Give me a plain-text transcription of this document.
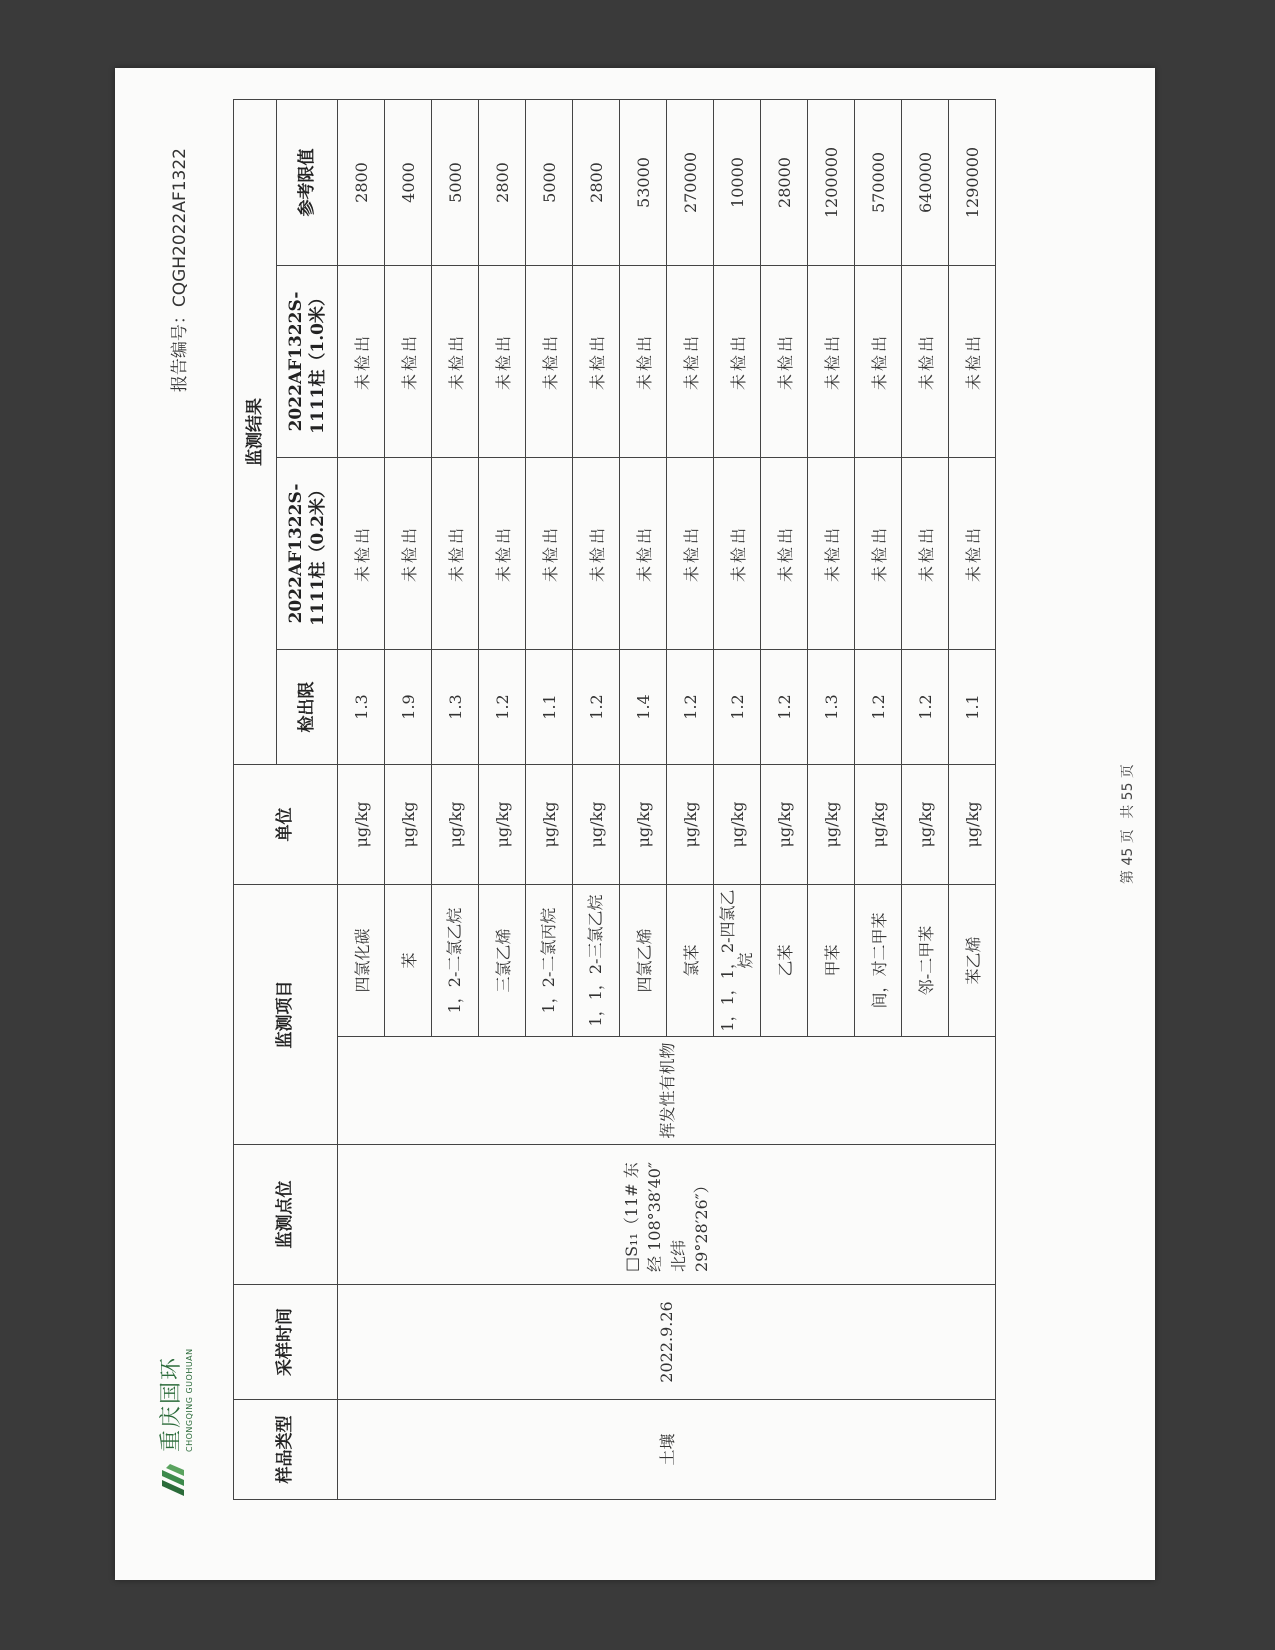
重庆国环 CHONGQING GUOHUAN
报告编号：CQGH2022AF1322
样品类型	采样时间	监测点位	监测项目		单位	监测结果			
						检出限	2022AF1322S-1111柱（0.2米）	2022AF1322S-1111柱（1.0米）	参考限值
土壤	2022.9.26	□S₁₁（11# 东经 108°38′40″ 北纬 29°28′26″）	挥发性有机物	四氯化碳	μg/kg	1.3	未检出	未检出	2800
				苯	μg/kg	1.9	未检出	未检出	4000
				1，2-二氯乙烷	μg/kg	1.3	未检出	未检出	5000
				三氯乙烯	μg/kg	1.2	未检出	未检出	2800
				1，2-二氯丙烷	μg/kg	1.1	未检出	未检出	5000
				1，1，2-三氯乙烷	μg/kg	1.2	未检出	未检出	2800
				四氯乙烯	μg/kg	1.4	未检出	未检出	53000
				氯苯	μg/kg	1.2	未检出	未检出	270000
				1，1，1，2-四氯乙烷	μg/kg	1.2	未检出	未检出	10000
				乙苯	μg/kg	1.2	未检出	未检出	28000
				甲苯	μg/kg	1.3	未检出	未检出	1200000
				间，对二甲苯	μg/kg	1.2	未检出	未检出	570000
				邻-二甲苯	μg/kg	1.2	未检出	未检出	640000
				苯乙烯	μg/kg	1.1	未检出	未检出	1290000
第 45 页 共 55 页
